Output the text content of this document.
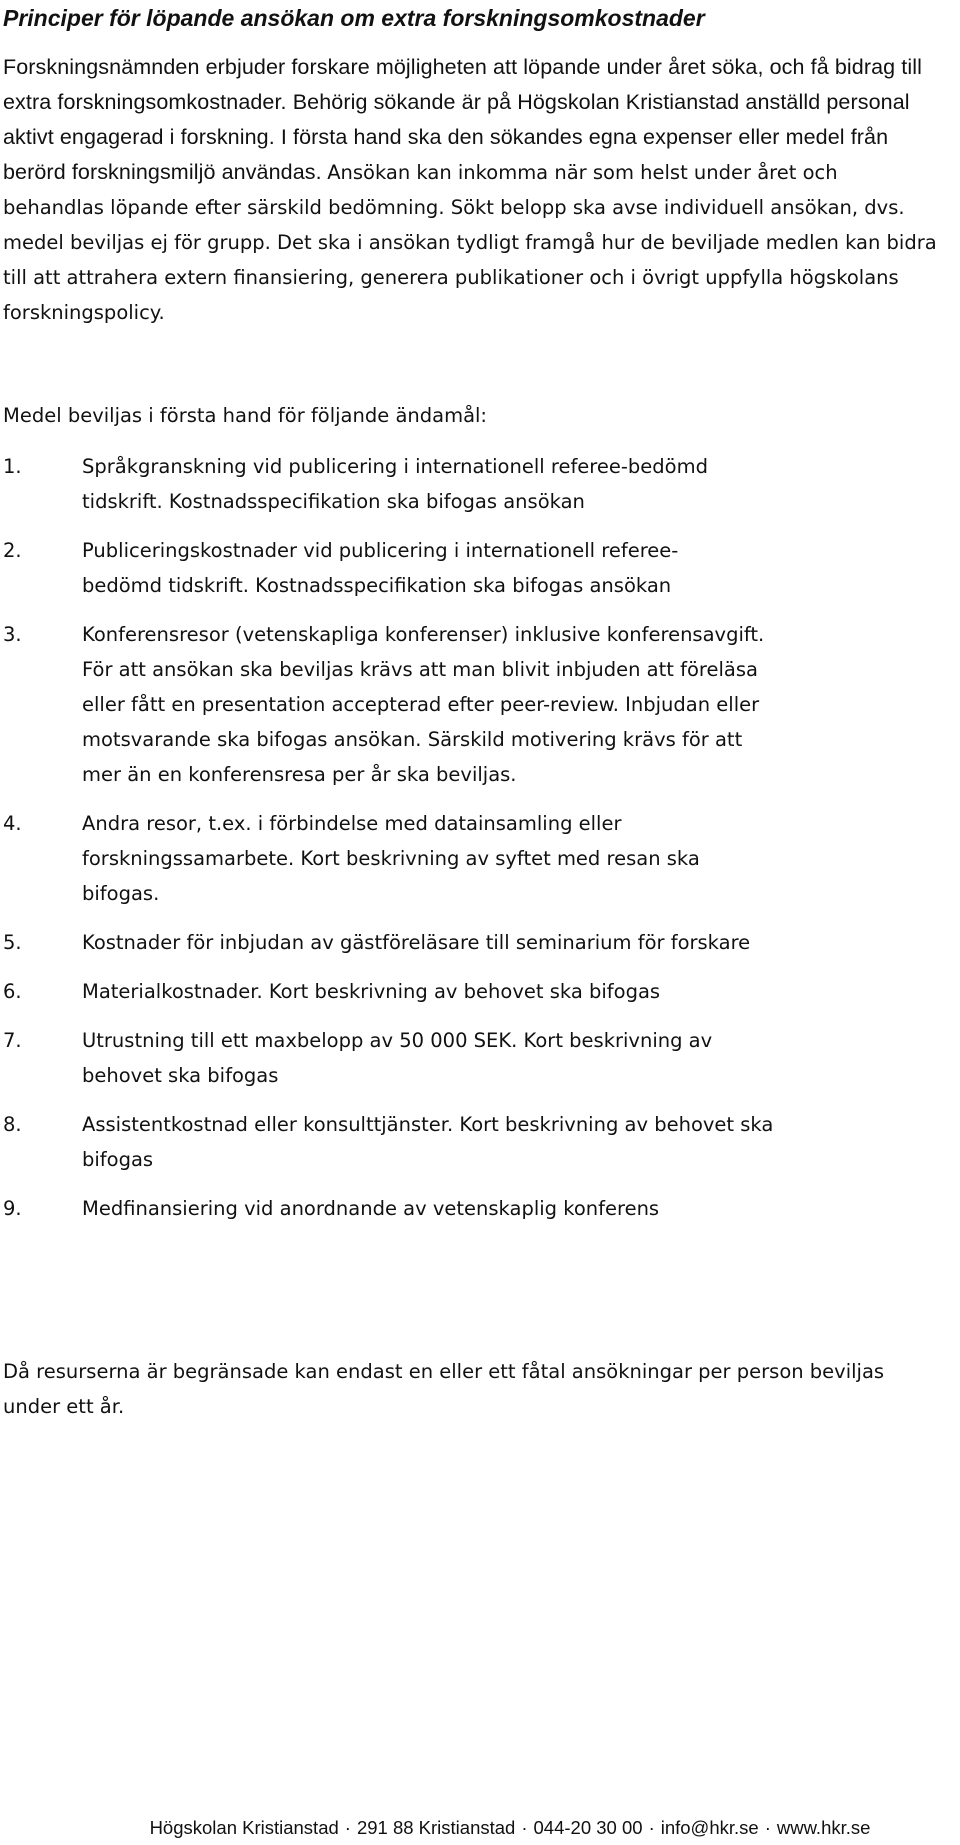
Principer för löpande ansökan om extra forskningsomkostnader

Forskningsnämnden erbjuder forskare möjligheten att löpande under året söka, och få bidrag till extra forskningsomkostnader. Behörig sökande är på Högskolan Kristianstad anställd personal aktivt engagerad i forskning. I första hand ska den sökandes egna expenser eller medel från berörd forskningsmiljö användas. Ansökan kan inkomma när som helst under året och behandlas löpande efter särskild bedömning. Sökt belopp ska avse individuell ansökan, dvs. medel beviljas ej för grupp. Det ska i ansökan tydligt framgå hur de beviljade medlen kan bidra till att attrahera extern finansiering, generera publikationer och i övrigt uppfylla högskolans forskningspolicy.

Medel beviljas i första hand för följande ändamål:

1.	Språkgranskning vid publicering i internationell referee-bedömd tidskrift. Kostnadsspecifikation ska bifogas ansökan
2.	Publiceringskostnader vid publicering i internationell referee-bedömd tidskrift. Kostnadsspecifikation ska bifogas ansökan
3.	Konferensresor (vetenskapliga konferenser) inklusive konferensavgift. För att ansökan ska beviljas krävs att man blivit inbjuden att föreläsa eller fått en presentation accepterad efter peer-review. Inbjudan eller motsvarande ska bifogas ansökan. Särskild motivering krävs för att mer än en konferensresa per år ska beviljas.
4.	Andra resor, t.ex. i förbindelse med datainsamling eller forskningssamarbete. Kort beskrivning av syftet med resan ska bifogas.
5.	Kostnader för inbjudan av gästföreläsare till seminarium för forskare
6.	Materialkostnader. Kort beskrivning av behovet ska bifogas
7.	Utrustning till ett maxbelopp av 50 000 SEK. Kort beskrivning av behovet ska bifogas
8.	Assistentkostnad eller konsulttjänster. Kort beskrivning av behovet ska bifogas
9.	Medfinansiering vid anordnande av vetenskaplig konferens

Då resurserna är begränsade kan endast en eller ett fåtal ansökningar per person beviljas under ett år.

Högskolan Kristianstad · 291 88 Kristianstad · 044-20 30 00 · info@hkr.se · www.hkr.se
